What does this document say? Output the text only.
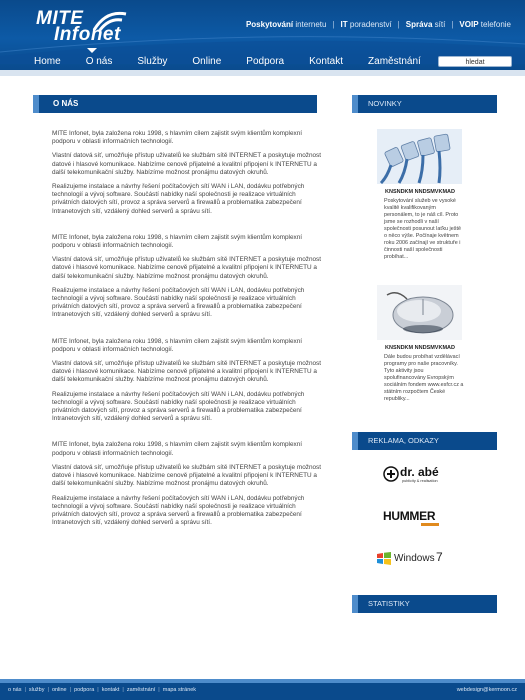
MITE
Infonet	Poskytování internetu | IT poradenství | Správa sítí | VOIP telefonie
Home	O nás	Služby	Online	Podpora	Kontakt	Zaměstnání	hledat
O NÁS

MITE Infonet, byla založena roku 1998, s hlavním cílem zajistit svým klientům komplexní podporu v oblasti informačních technologií.

Vlastní datová síť, umožňuje přístup uživatelů ke službám sítě INTERNET a poskytuje možnost datové i hlasové komunikace. Nabízíme cenově přijatelné a kvalitní připojení k INTERNETU a další telekomunikační služby. Nabízíme možnost pronájmu datových okruhů.

Realizujeme instalace a návrhy řešení počítačových sítí WAN i LAN, dodávku potřebných technologií a vývoj software. Součástí nabídky naší společnosti je realizace virtuálních privátních datových sítí, provoz a správa serverů a firewallů a problematika zabezpečení Intranetových sítí, vzdálený dohled serverů a správu sítí.

MITE Infonet, byla založena roku 1998, s hlavním cílem zajistit svým klientům komplexní podporu v oblasti informačních technologií.

Vlastní datová síť, umožňuje přístup uživatelů ke službám sítě INTERNET a poskytuje možnost datové i hlasové komunikace. Nabízíme cenově přijatelné a kvalitní připojení k INTERNETU a další telekomunikační služby. Nabízíme možnost pronájmu datových okruhů.

Realizujeme instalace a návrhy řešení počítačových sítí WAN i LAN, dodávku potřebných technologií a vývoj software. Součástí nabídky naší společnosti je realizace virtuálních privátních datových sítí, provoz a správa serverů a firewallů a problematika zabezpečení Intranetových sítí, vzdálený dohled serverů a správu sítí.

MITE Infonet, byla založena roku 1998, s hlavním cílem zajistit svým klientům komplexní podporu v oblasti informačních technologií.

Vlastní datová síť, umožňuje přístup uživatelů ke službám sítě INTERNET a poskytuje možnost datové i hlasové komunikace. Nabízíme cenově přijatelné a kvalitní připojení k INTERNETU a další telekomunikační služby. Nabízíme možnost pronájmu datových okruhů.

Realizujeme instalace a návrhy řešení počítačových sítí WAN i LAN, dodávku potřebných technologií a vývoj software. Součástí nabídky naší společnosti je realizace virtuálních privátních datových sítí, provoz a správa serverů a firewallů a problematika zabezpečení Intranetových sítí, vzdálený dohled serverů a správu sítí.

MITE Infonet, byla založena roku 1998, s hlavním cílem zajistit svým klientům komplexní podporu v oblasti informačních technologií.

Vlastní datová síť, umožňuje přístup uživatelů ke službám sítě INTERNET a poskytuje možnost datové i hlasové komunikace. Nabízíme cenově přijatelné a kvalitní připojení k INTERNETU a další telekomunikační služby. Nabízíme možnost pronájmu datových okruhů.

Realizujeme instalace a návrhy řešení počítačových sítí WAN i LAN, dodávku potřebných technologií a vývoj software. Součástí nabídky naší společnosti je realizace virtuálních privátních datových sítí, provoz a správa serverů a firewallů a problematika zabezpečení Intranetových sítí, vzdálený dohled serverů a správu sítí.

NOVINKY
KNSNDKM NNDSMVKMAD
Poskytování služeb ve vysoké kvalitě kvalifikovaným personálem, to je náš cíl. Proto jsme se rozhodli v naší společnosti posunout laťku ještě o něco výše. Počínaje květnem roku 2006 začínají ve struktuře i činnosti naší společnosti probíhat...
KNSNDKM NNDSMVKMAD
Dále budou probíhat vzdělávací programy pro naše pracovníky. Tyto aktivity jsou spolufinancovány Evropským sociálním fondem www.esfcr.cz a státním rozpočtem České republiky...
REKLAMA, ODKAZY
dr. abé
publicity & realisation
HUMMER
Windows 7
STATISTIKY
o nás | služby | online | podpora | kontakt | zaměstnání | mapa stránek	webdesign@kermoon.cz
